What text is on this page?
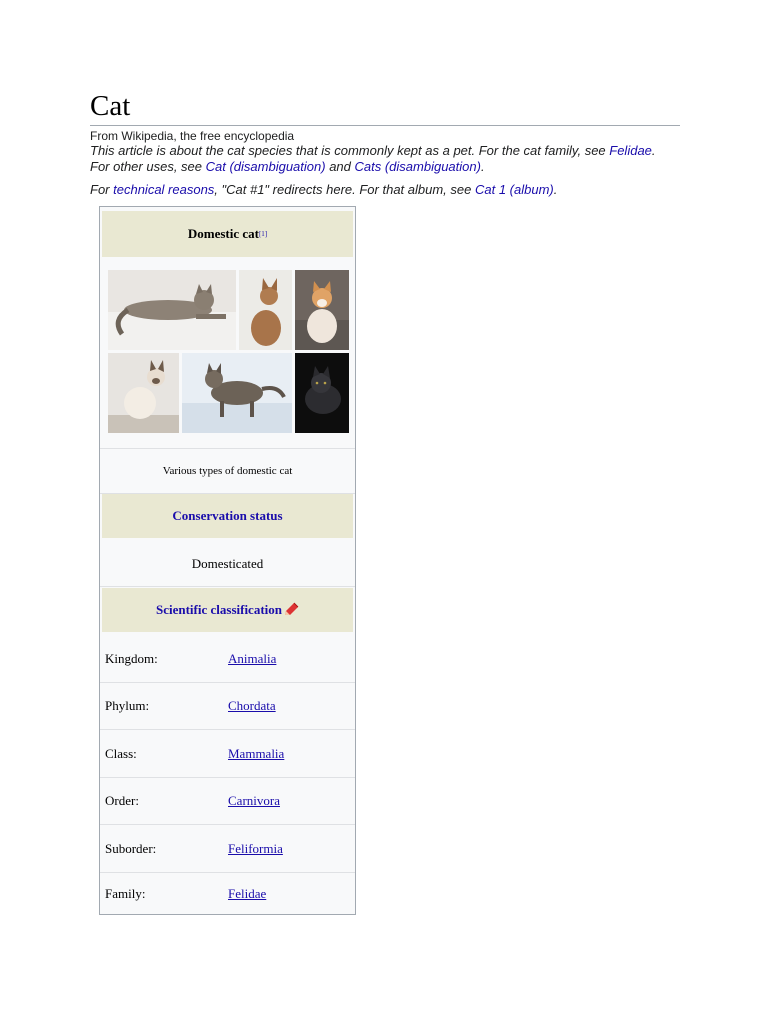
Cat
From Wikipedia, the free encyclopedia
This article is about the cat species that is commonly kept as a pet. For the cat family, see Felidae.
For other uses, see Cat (disambiguation) and Cats (disambiguation).
For technical reasons, "Cat #1" redirects here. For that album, see Cat 1 (album).
Domestic cat [1]
Various types of domestic cat
Conservation status
Domesticated
Scientific classification
Kingdom:	Animalia
Phylum:	Chordata
Class:	Mammalia
Order:	Carnivora
Suborder:	Feliformia
Family:	Felidae
